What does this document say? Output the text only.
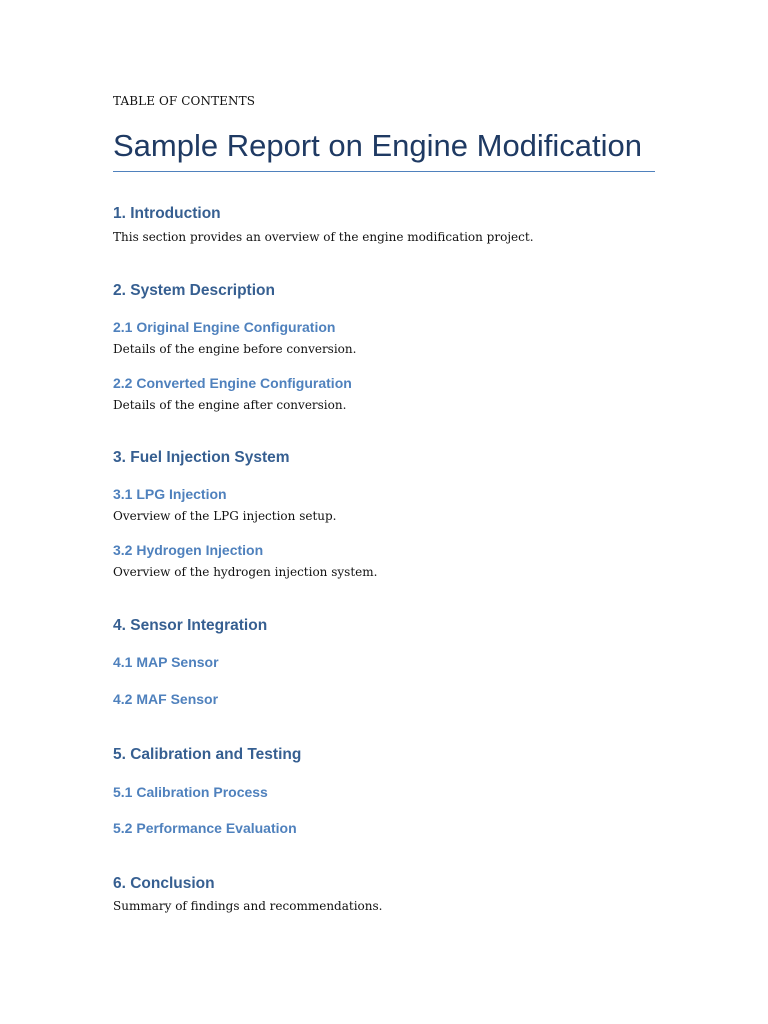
TABLE OF CONTENTS
Sample Report on Engine Modification
1. Introduction
This section provides an overview of the engine modification project.
2. System Description
2.1 Original Engine Configuration
Details of the engine before conversion.
2.2 Converted Engine Configuration
Details of the engine after conversion.
3. Fuel Injection System
3.1 LPG Injection
Overview of the LPG injection setup.
3.2 Hydrogen Injection
Overview of the hydrogen injection system.
4. Sensor Integration
4.1 MAP Sensor
4.2 MAF Sensor
5. Calibration and Testing
5.1 Calibration Process
5.2 Performance Evaluation
6. Conclusion
Summary of findings and recommendations.
